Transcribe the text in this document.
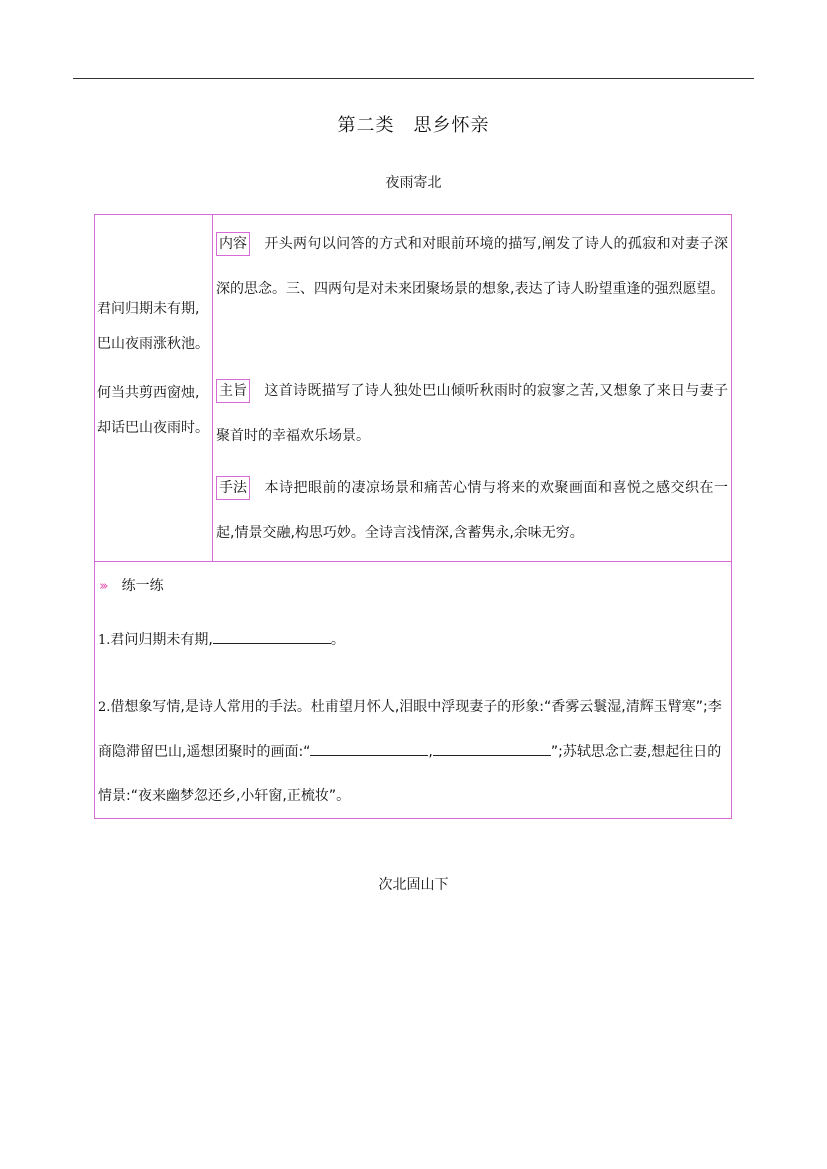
第二类　思乡怀亲
夜雨寄北
君问归期未有期,
巴山夜雨涨秋池。
何当共剪西窗烛,
却话巴山夜雨时。
内容 开头两句以问答的方式和对眼前环境的描写,阐发了诗人的孤寂和对妻子深深的思念。三、四两句是对未来团聚场景的想象,表达了诗人盼望重逢的强烈愿望。
主旨 这首诗既描写了诗人独处巴山倾听秋雨时的寂寥之苦,又想象了来日与妻子聚首时的幸福欢乐场景。
手法 本诗把眼前的凄凉场景和痛苦心情与将来的欢聚画面和喜悦之感交织在一起,情景交融,构思巧妙。全诗言浅情深,含蓄隽永,余味无穷。
››› 练一练
1.君问归期未有期,	。
2.借想象写情,是诗人常用的手法。杜甫望月怀人,泪眼中浮现妻子的形象:“香雾云鬟湿,清辉玉臂寒”;李商隐滞留巴山,遥想团聚时的画面:“	,	”;苏轼思念亡妻,想起往日的情景:“夜来幽梦忽还乡,小轩窗,正梳妆”。
次北固山下
